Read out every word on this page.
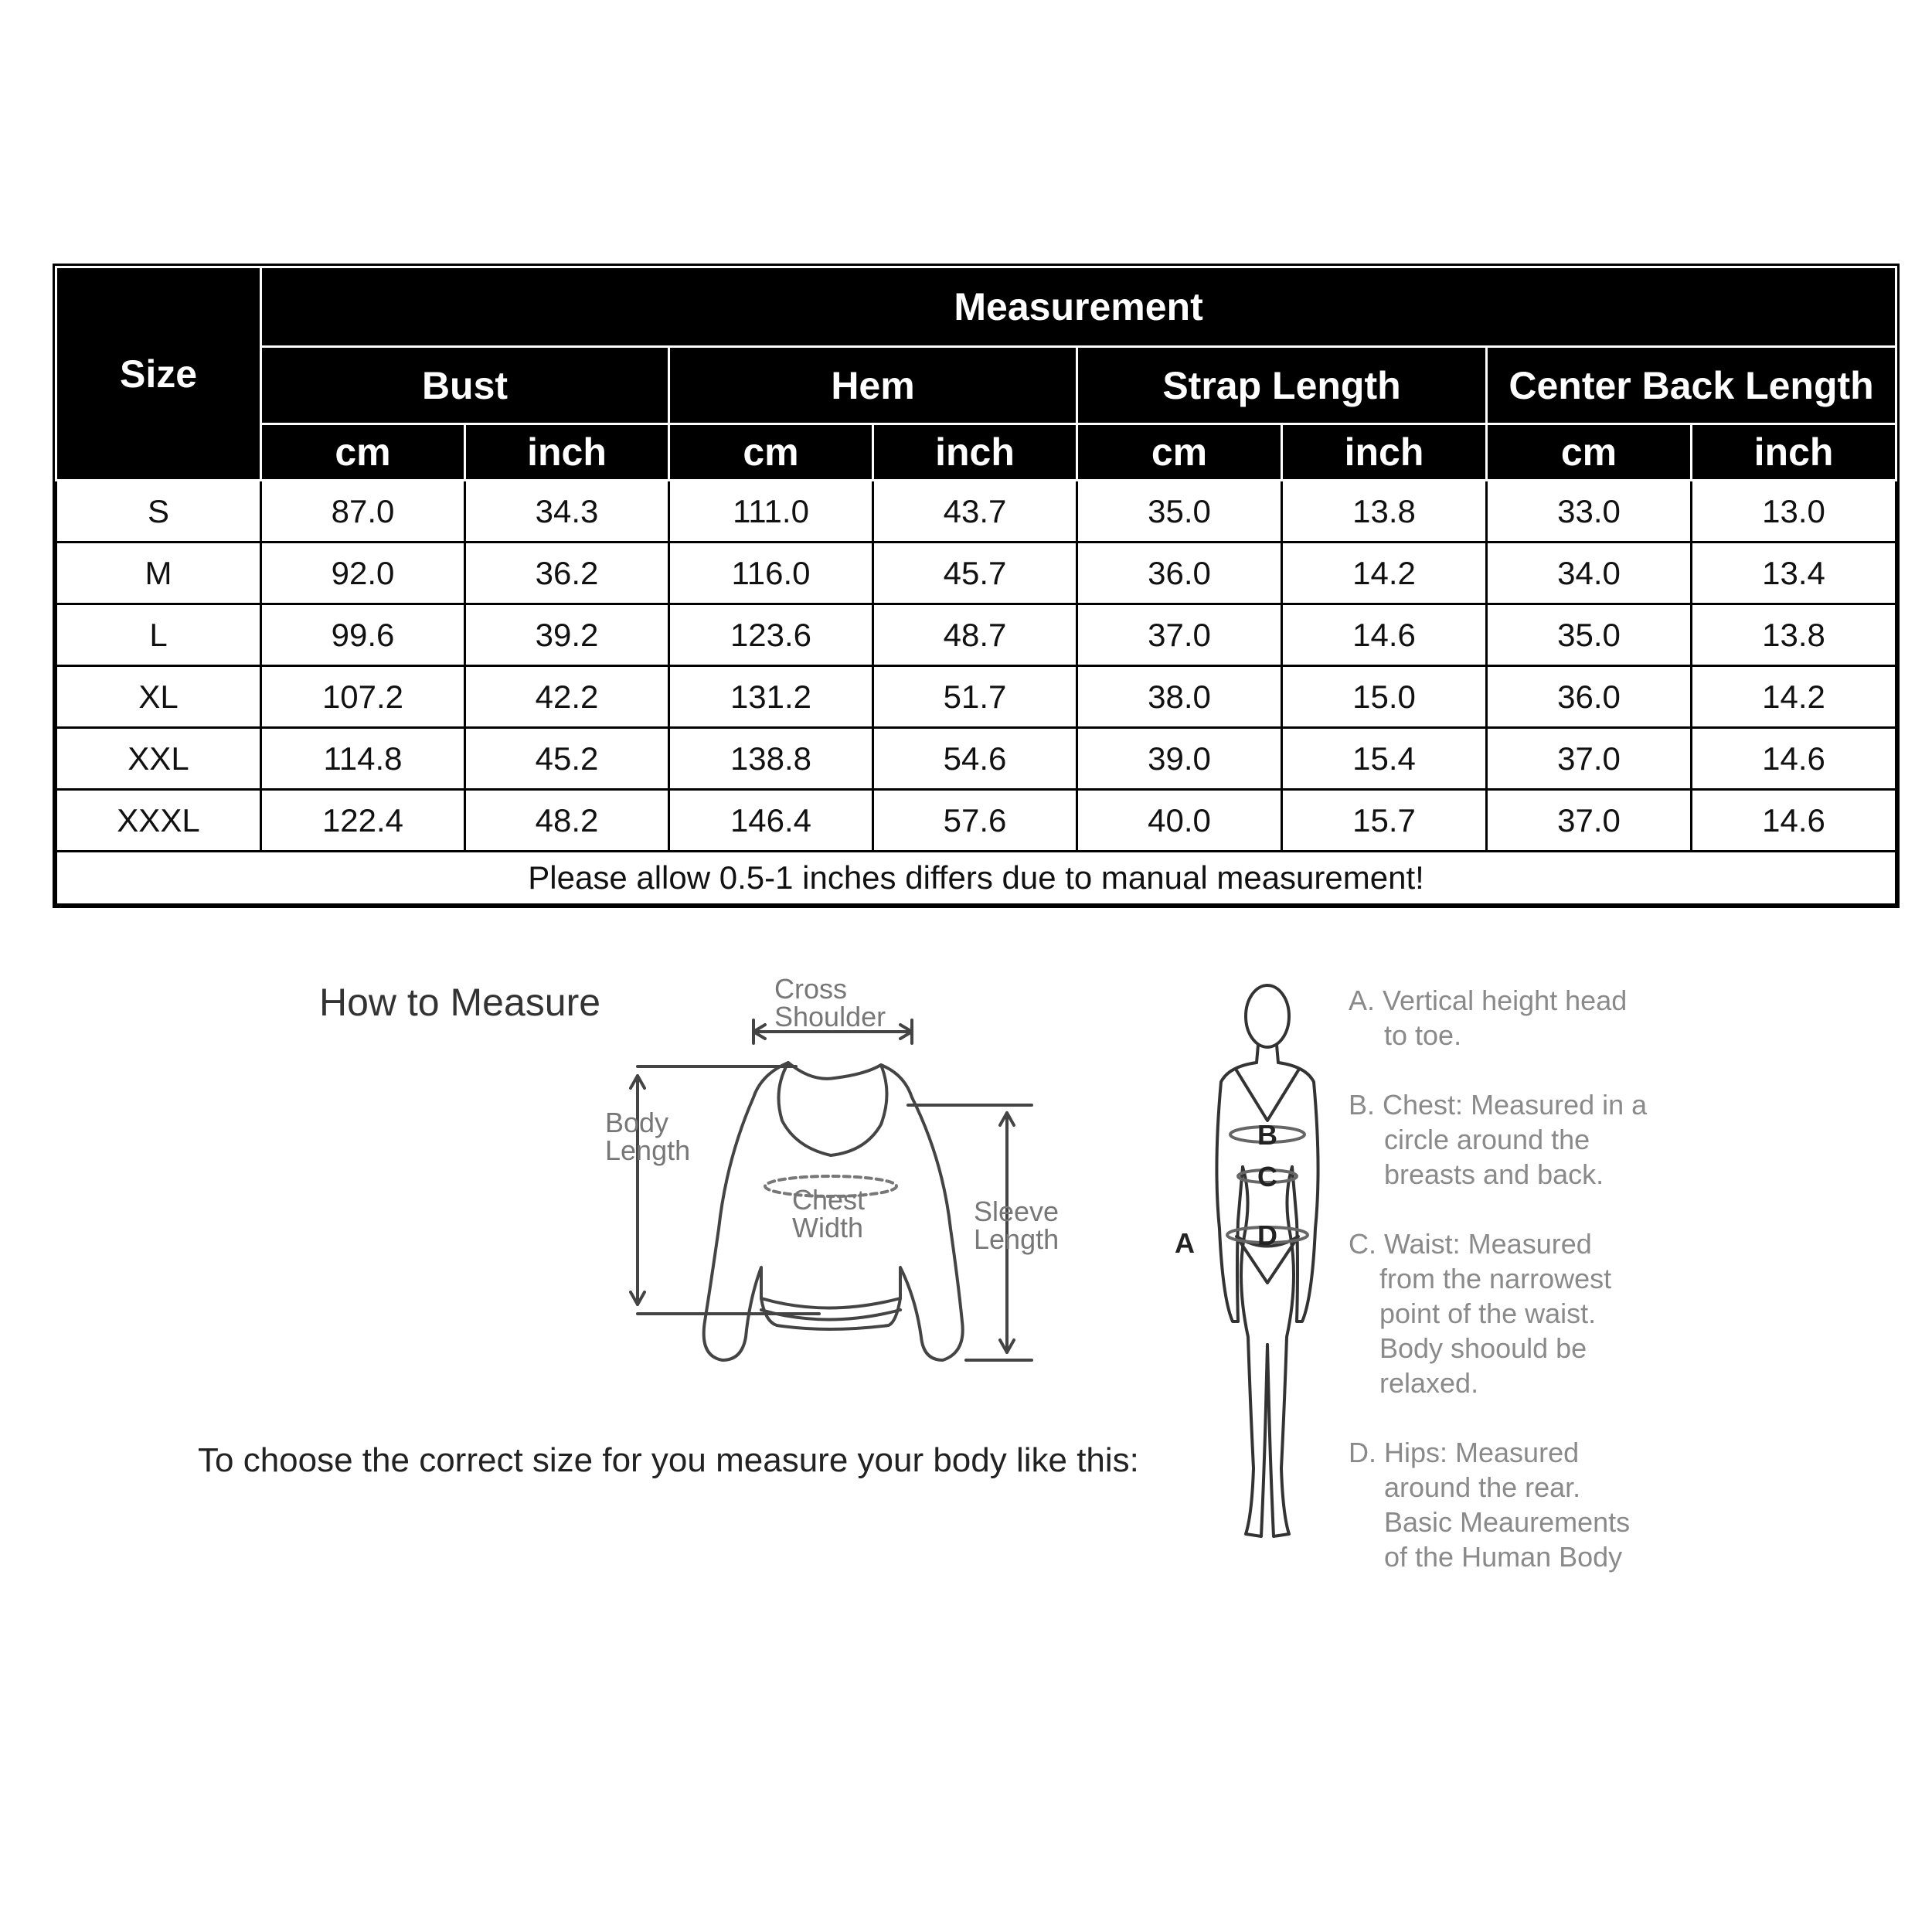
Size	Measurement							
	Bust		Hem		Strap Length		Center Back Length	
	cm	inch	cm	inch	cm	inch	cm	inch
S	87.0	34.3	111.0	43.7	35.0	13.8	33.0	13.0
M	92.0	36.2	116.0	45.7	36.0	14.2	34.0	13.4
L	99.6	39.2	123.6	48.7	37.0	14.6	35.0	13.8
XL	107.2	42.2	131.2	51.7	38.0	15.0	36.0	14.2
XXL	114.8	45.2	138.8	54.6	39.0	15.4	37.0	14.6
XXXL	122.4	48.2	146.4	57.6	40.0	15.7	37.0	14.6
Please allow 0.5-1 inches differs due to manual measurement!								
How to Measure
To choose the correct size for you measure your body like this:
Cross
Shoulder
Body
Length
Chest
Width
Sleeve
Length
B
C
D
A

A. Vertical height head
to toe.

B. Chest: Measured in a
circle around the
breasts and back.

C. Waist: Measured
from the narrowest
point of the waist.
Body shoould be
relaxed.

D. Hips: Measured
around the rear.
Basic Meaurements
of the Human Body
